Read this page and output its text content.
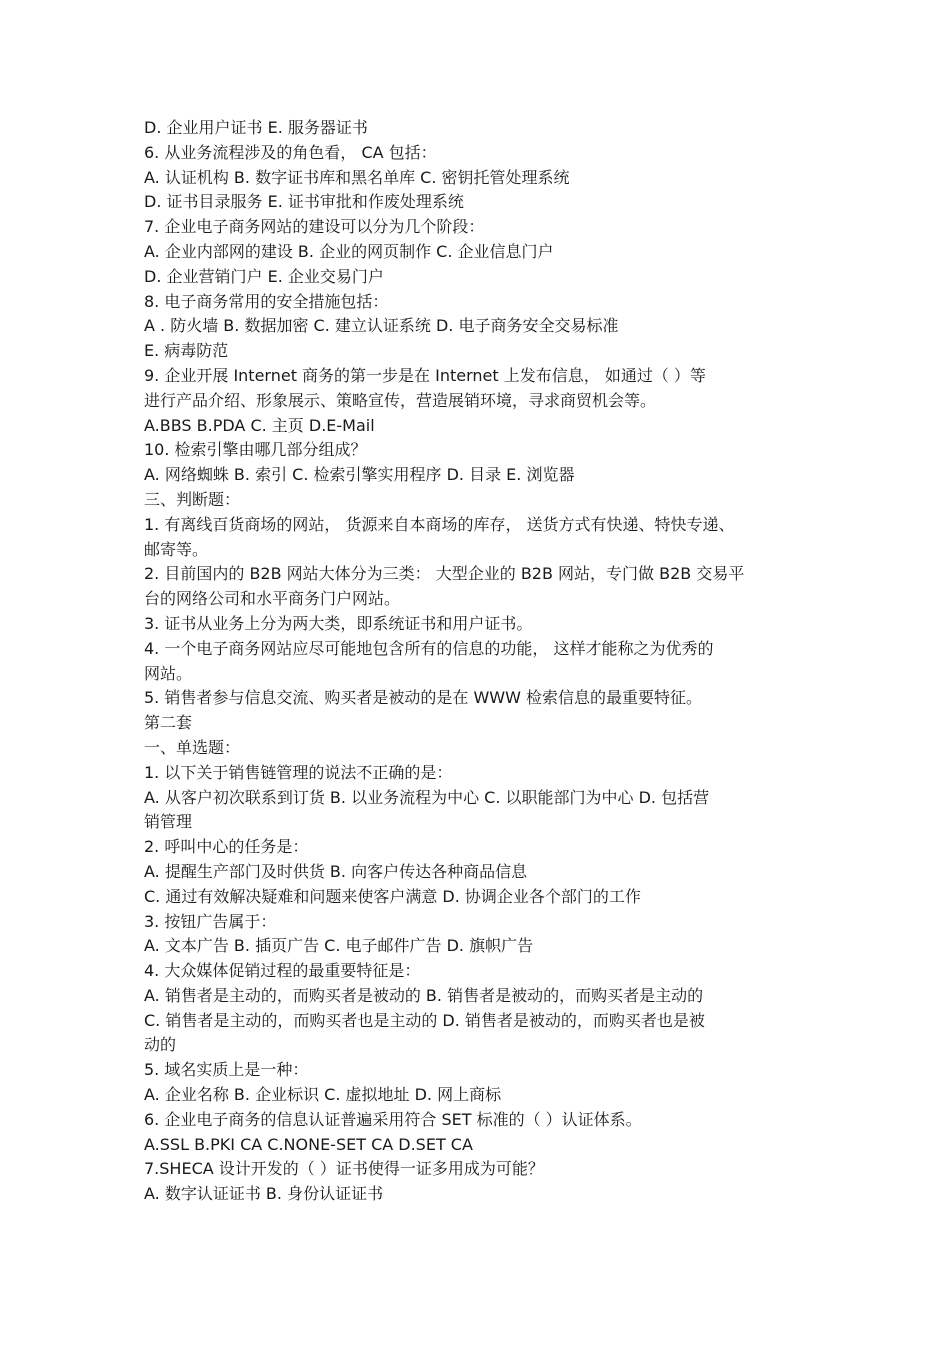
D. 企业用户证书 E. 服务器证书
6. 从业务流程涉及的角色看， CA 包括：
A. 认证机构 B. 数字证书库和黑名单库 C. 密钥托管处理系统
D. 证书目录服务 E. 证书审批和作废处理系统
7. 企业电子商务网站的建设可以分为几个阶段：
A. 企业内部网的建设 B. 企业的网页制作 C. 企业信息门户
D. 企业营销门户 E. 企业交易门户
8. 电子商务常用的安全措施包括：
A . 防火墙 B. 数据加密 C. 建立认证系统 D. 电子商务安全交易标准
E. 病毒防范
9. 企业开展 Internet 商务的第一步是在 Internet 上发布信息， 如通过（ ）等
进行产品介绍、形象展示、策略宣传，营造展销环境，寻求商贸机会等。
A.BBS B.PDA C. 主页 D.E-Mail
10. 检索引擎由哪几部分组成？
A. 网络蜘蛛 B. 索引 C. 检索引擎实用程序 D. 目录 E. 浏览器
三、判断题：
1. 有离线百货商场的网站， 货源来自本商场的库存， 送货方式有快递、特快专递、
邮寄等。
2. 目前国内的 B2B 网站大体分为三类： 大型企业的 B2B 网站，专门做 B2B 交易平
台的网络公司和水平商务门户网站。
3. 证书从业务上分为两大类，即系统证书和用户证书。
4. 一个电子商务网站应尽可能地包含所有的信息的功能， 这样才能称之为优秀的
网站。
5. 销售者参与信息交流、购买者是被动的是在 WWW 检索信息的最重要特征。
第二套
一、单选题：
1. 以下关于销售链管理的说法不正确的是：
A. 从客户初次联系到订货 B. 以业务流程为中心 C. 以职能部门为中心 D. 包括营
销管理
2. 呼叫中心的任务是：
A. 提醒生产部门及时供货 B. 向客户传达各种商品信息
C. 通过有效解决疑难和问题来使客户满意 D. 协调企业各个部门的工作
3. 按钮广告属于：
A. 文本广告 B. 插页广告 C. 电子邮件广告 D. 旗帜广告
4. 大众媒体促销过程的最重要特征是：
A. 销售者是主动的，而购买者是被动的 B. 销售者是被动的，而购买者是主动的
C. 销售者是主动的，而购买者也是主动的 D. 销售者是被动的，而购买者也是被
动的
5. 域名实质上是一种：
A. 企业名称 B. 企业标识 C. 虚拟地址 D. 网上商标
6. 企业电子商务的信息认证普遍采用符合 SET 标准的（ ）认证体系。
A.SSL B.PKI CA C.NONE-SET CA D.SET CA
7.SHECA 设计开发的（ ）证书使得一证多用成为可能？
A. 数字认证证书 B. 身份认证证书
